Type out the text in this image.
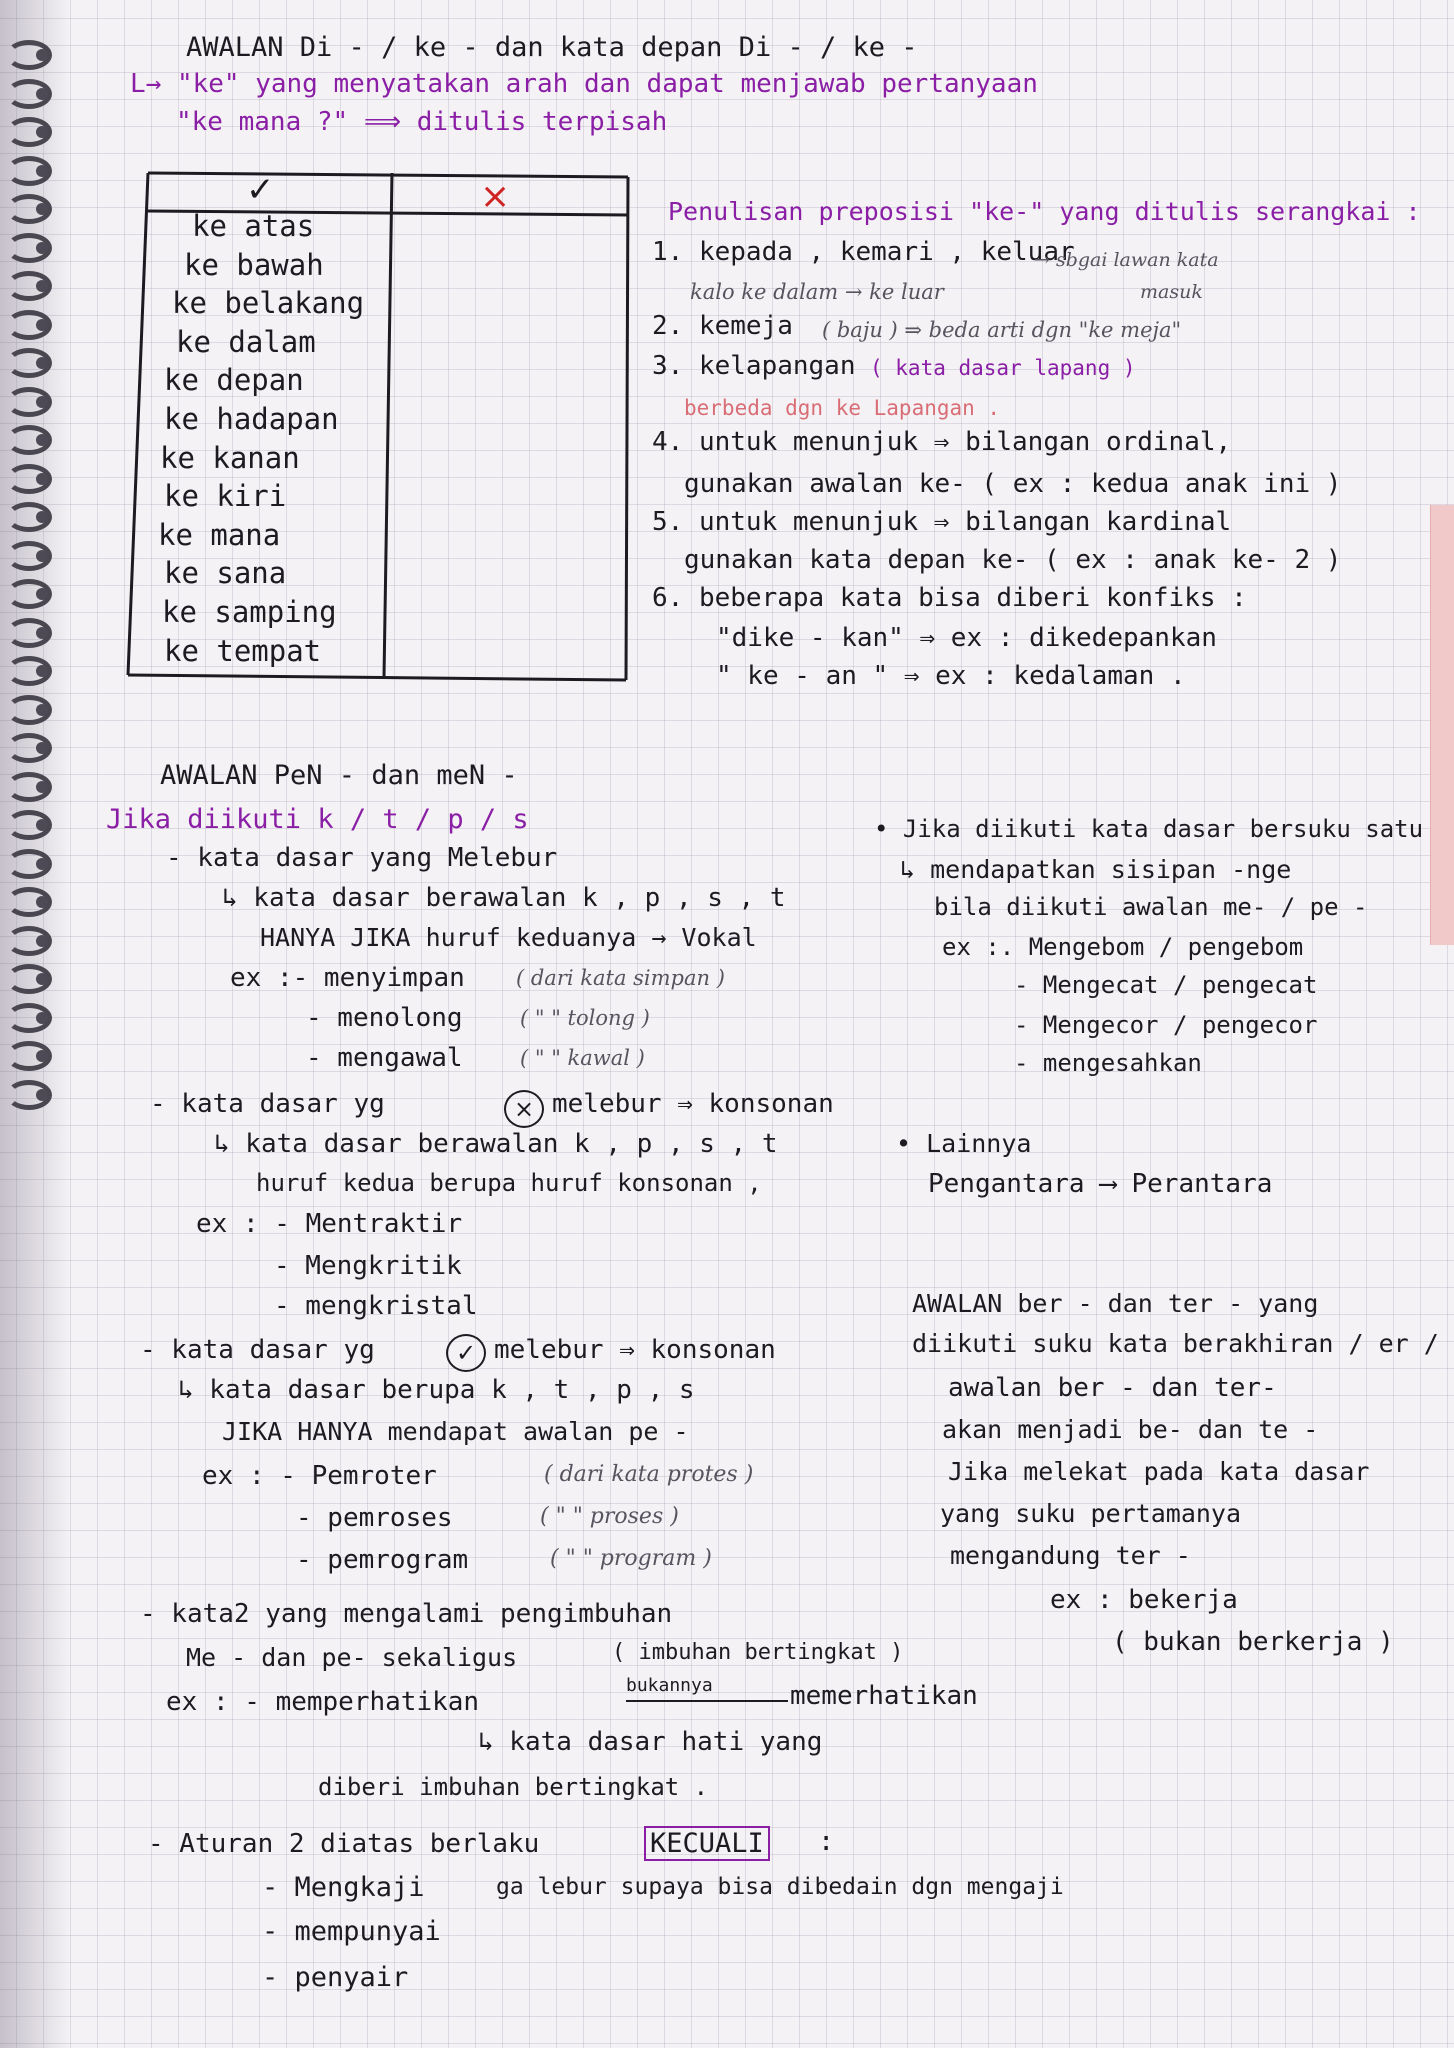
AWALAN Di - / ke - dan kata depan Di - / ke -
L→ "ke" yang menyatakan arah dan dapat menjawab pertanyaan
"ke mana ?" ⟹ ditulis terpisah
✓	×
ke atas
ke bawah
ke belakang
ke dalam
ke depan
ke hadapan
ke kanan
ke kiri
ke mana
ke sana
ke samping
ke tempat
Penulisan preposisi "ke-" yang ditulis serangkai :
1. kepada , kemari , keluar
→ sbgai lawan kata
kalo ke dalam → ke luar	masuk
2. kemeja ( baju ) ⇒ beda arti dgn "ke meja"
3. kelapangan ( kata dasar lapang )
berbeda dgn ke Lapangan .
4. untuk menunjuk ⇒ bilangan ordinal,
gunakan awalan ke- ( ex : kedua anak ini )
5. untuk menunjuk ⇒ bilangan kardinal
gunakan kata depan ke- ( ex : anak ke- 2 )
6. beberapa kata bisa diberi konfiks :
"dike - kan" ⇒ ex : dikedepankan
" ke - an " ⇒ ex : kedalaman .
AWALAN PeN - dan meN -
Jika diikuti k / t / p / s
- kata dasar yang Melebur
↳ kata dasar berawalan k , p , s , t
HANYA JIKA huruf keduanya → Vokal
ex :- menyimpan ( dari kata simpan )
- menolong	( " " tolong )
- mengawal	( " " kawal )
- kata dasar yg	× melebur ⇒ konsonan
↳ kata dasar berawalan k , p , s , t
huruf kedua berupa huruf konsonan ,
ex : - Mentraktir
- Mengkritik
- mengkristal
- kata dasar yg	✓ melebur ⇒ konsonan
↳ kata dasar berupa k , t , p , s
JIKA HANYA mendapat awalan pe -
ex : - Pemroter	( dari kata protes )
- pemroses	( " " proses )
- pemrogram	( " " program )
- kata2 yang mengalami pengimbuhan
Me - dan pe- sekaligus	( imbuhan bertingkat )
ex : - memperhatikan
bukannya	memerhatikan
↳ kata dasar hati yang
diberi imbuhan bertingkat .
- Aturan 2 diatas berlaku	KECUALI :
- Mengkaji	ga lebur supaya bisa dibedain dgn mengaji
- mempunyai
- penyair
• Jika diikuti kata dasar bersuku satu
↳ mendapatkan sisipan -nge
bila diikuti awalan me- / pe -
ex :. Mengebom / pengebom
- Mengecat / pengecat
- Mengecor / pengecor
- mengesahkan
• Lainnya
Pengantara ⟶ Perantara
AWALAN ber - dan ter - yang
diikuti suku kata berakhiran / er /
awalan ber - dan ter-
akan menjadi be- dan te -
Jika melekat pada kata dasar
yang suku pertamanya
mengandung ter -
ex : bekerja
( bukan berkerja )
